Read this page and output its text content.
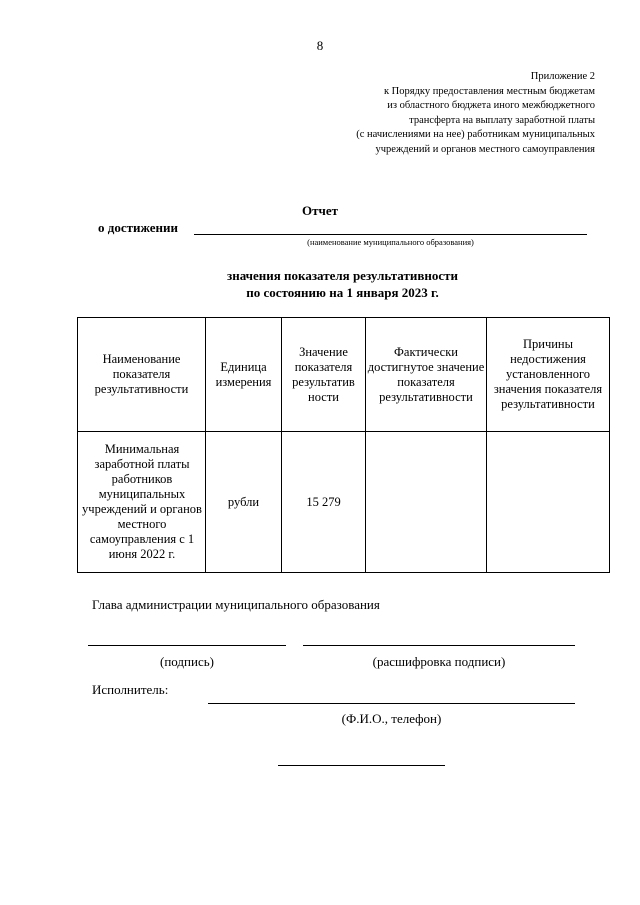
8
Приложение 2
к Порядку предоставления местным бюджетам
из областного бюджета иного межбюджетного
трансферта на выплату заработной платы
(с начислениями на нее) работникам муниципальных
учреждений и органов местного самоуправления
Отчет
о достижении
(наименование муниципального образования)
значения показателя результативности
по состоянию на 1 января 2023 г.
Наименование показателя результативности	Единица измерения	Значение показателя результатив ности	Фактически достигнутое значение показателя результативности	Причины недостижения установленного значения показателя результативности
Минимальная заработной платы работников муниципальных учреждений и органов местного самоуправления с 1 июня 2022 г.	рубли	15 279		
Глава администрации муниципального образования
(подпись)	(расшифровка подписи)
Исполнитель:
(Ф.И.О., телефон)
